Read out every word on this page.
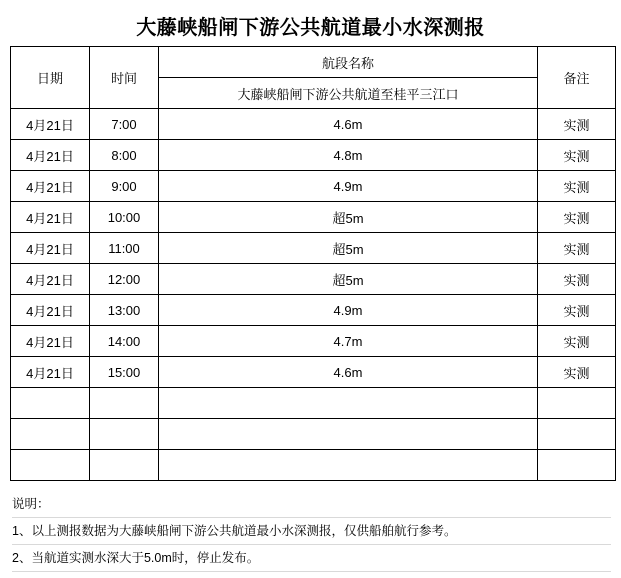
大藤峡船闸下游公共航道最小水深测报
日期	时间	航段名称	备注
		大藤峡船闸下游公共航道至桂平三江口	
4月21日	7:00	4.6m	实测
4月21日	8:00	4.8m	实测
4月21日	9:00	4.9m	实测
4月21日	10:00	超5m	实测
4月21日	11:00	超5m	实测
4月21日	12:00	超5m	实测
4月21日	13:00	4.9m	实测
4月21日	14:00	4.7m	实测
4月21日	15:00	4.6m	实测

说明：
1、以上测报数据为大藤峡船闸下游公共航道最小水深测报，仅供船舶航行参考。
2、当航道实测水深大于5.0m时，停止发布。
